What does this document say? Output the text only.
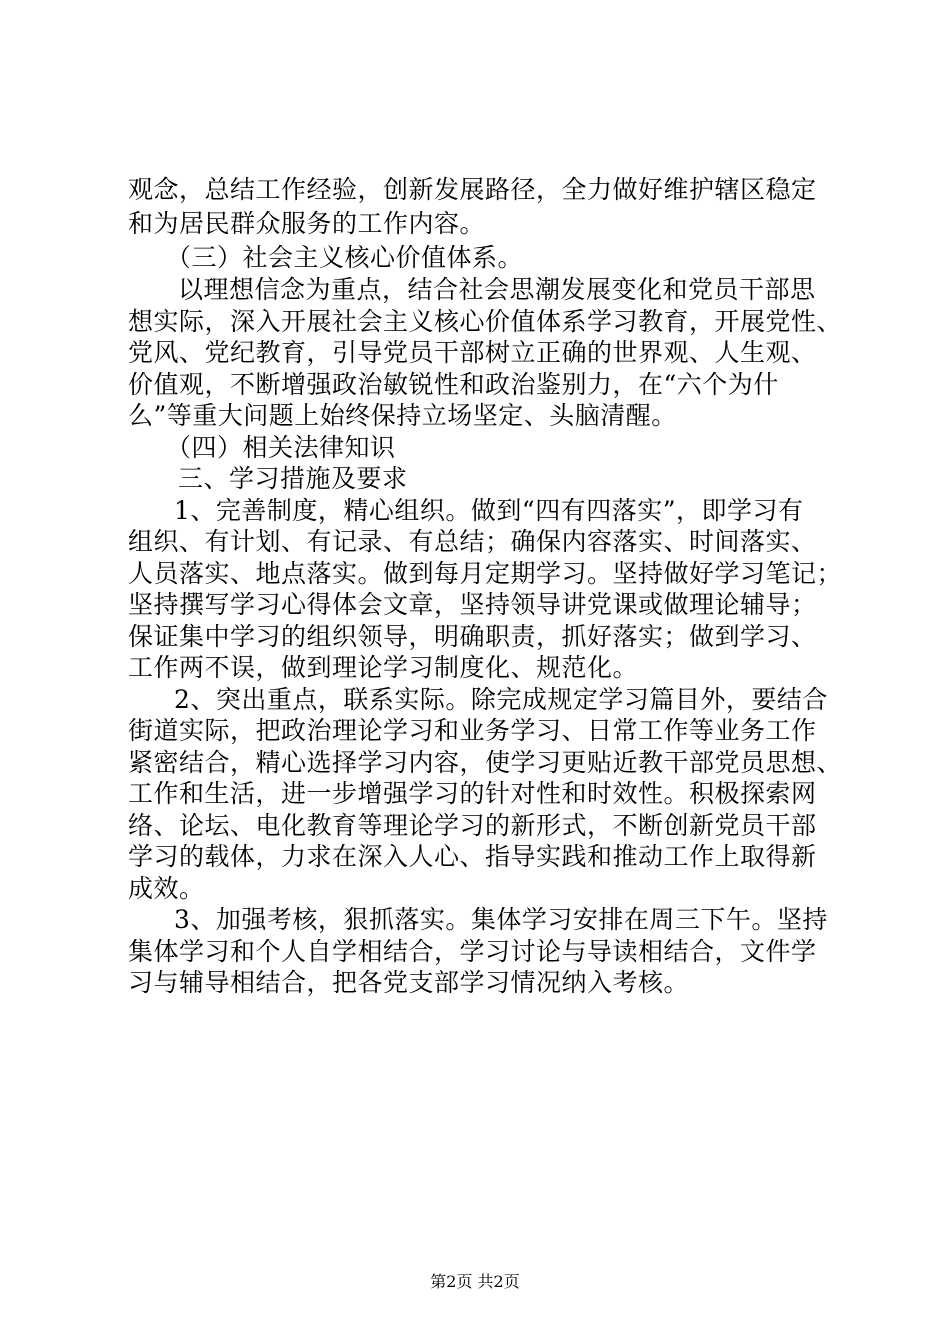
观念，总结工作经验，创新发展路径，全力做好维护辖区稳定
和为居民群众服务的工作内容。
（三）社会主义核心价值体系。
以理想信念为重点，结合社会思潮发展变化和党员干部思
想实际，深入开展社会主义核心价值体系学习教育，开展党性、
党风、党纪教育，引导党员干部树立正确的世界观、人生观、
价值观，不断增强政治敏锐性和政治鉴别力，在“六个为什
么”等重大问题上始终保持立场坚定、头脑清醒。
（四）相关法律知识
三、学习措施及要求
1、完善制度，精心组织。做到“四有四落实”，即学习有
组织、有计划、有记录、有总结；确保内容落实、时间落实、
人员落实、地点落实。做到每月定期学习。坚持做好学习笔记；
坚持撰写学习心得体会文章，坚持领导讲党课或做理论辅导；
保证集中学习的组织领导，明确职责，抓好落实；做到学习、
工作两不误，做到理论学习制度化、规范化。
2、突出重点，联系实际。除完成规定学习篇目外，要结合
街道实际，把政治理论学习和业务学习、日常工作等业务工作
紧密结合，精心选择学习内容，使学习更贴近教干部党员思想、
工作和生活，进一步增强学习的针对性和时效性。积极探索网
络、论坛、电化教育等理论学习的新形式，不断创新党员干部
学习的载体，力求在深入人心、指导实践和推动工作上取得新
成效。
3、加强考核，狠抓落实。集体学习安排在周三下午。坚持
集体学习和个人自学相结合，学习讨论与导读相结合，文件学
习与辅导相结合，把各党支部学习情况纳入考核。
第2页 共2页
